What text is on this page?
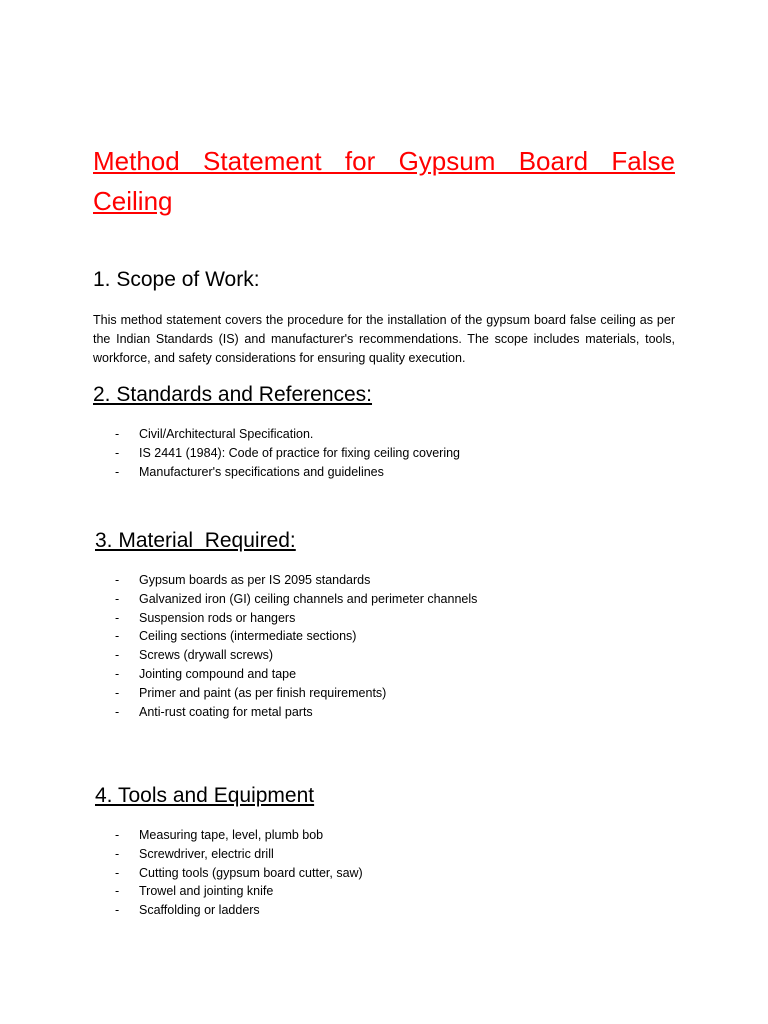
Method Statement for Gypsum Board False Ceiling
1. Scope of Work:

This method statement covers the procedure for the installation of the gypsum board false ceiling as per the Indian Standards (IS) and manufacturer's recommendations. The scope includes materials, tools, workforce, and safety considerations for ensuring quality execution.

2. Standards and References:
- Civil/Architectural Specification.
- IS 2441 (1984): Code of practice for fixing ceiling covering
- Manufacturer's specifications and guidelines
3. Material  Required:
- Gypsum boards as per IS 2095 standards
- Galvanized iron (GI) ceiling channels and perimeter channels
- Suspension rods or hangers
- Ceiling sections (intermediate sections)
- Screws (drywall screws)
- Jointing compound and tape
- Primer and paint (as per finish requirements)
- Anti-rust coating for metal parts
4. Tools and Equipment
- Measuring tape, level, plumb bob
- Screwdriver, electric drill
- Cutting tools (gypsum board cutter, saw)
- Trowel and jointing knife
- Scaffolding or ladders
